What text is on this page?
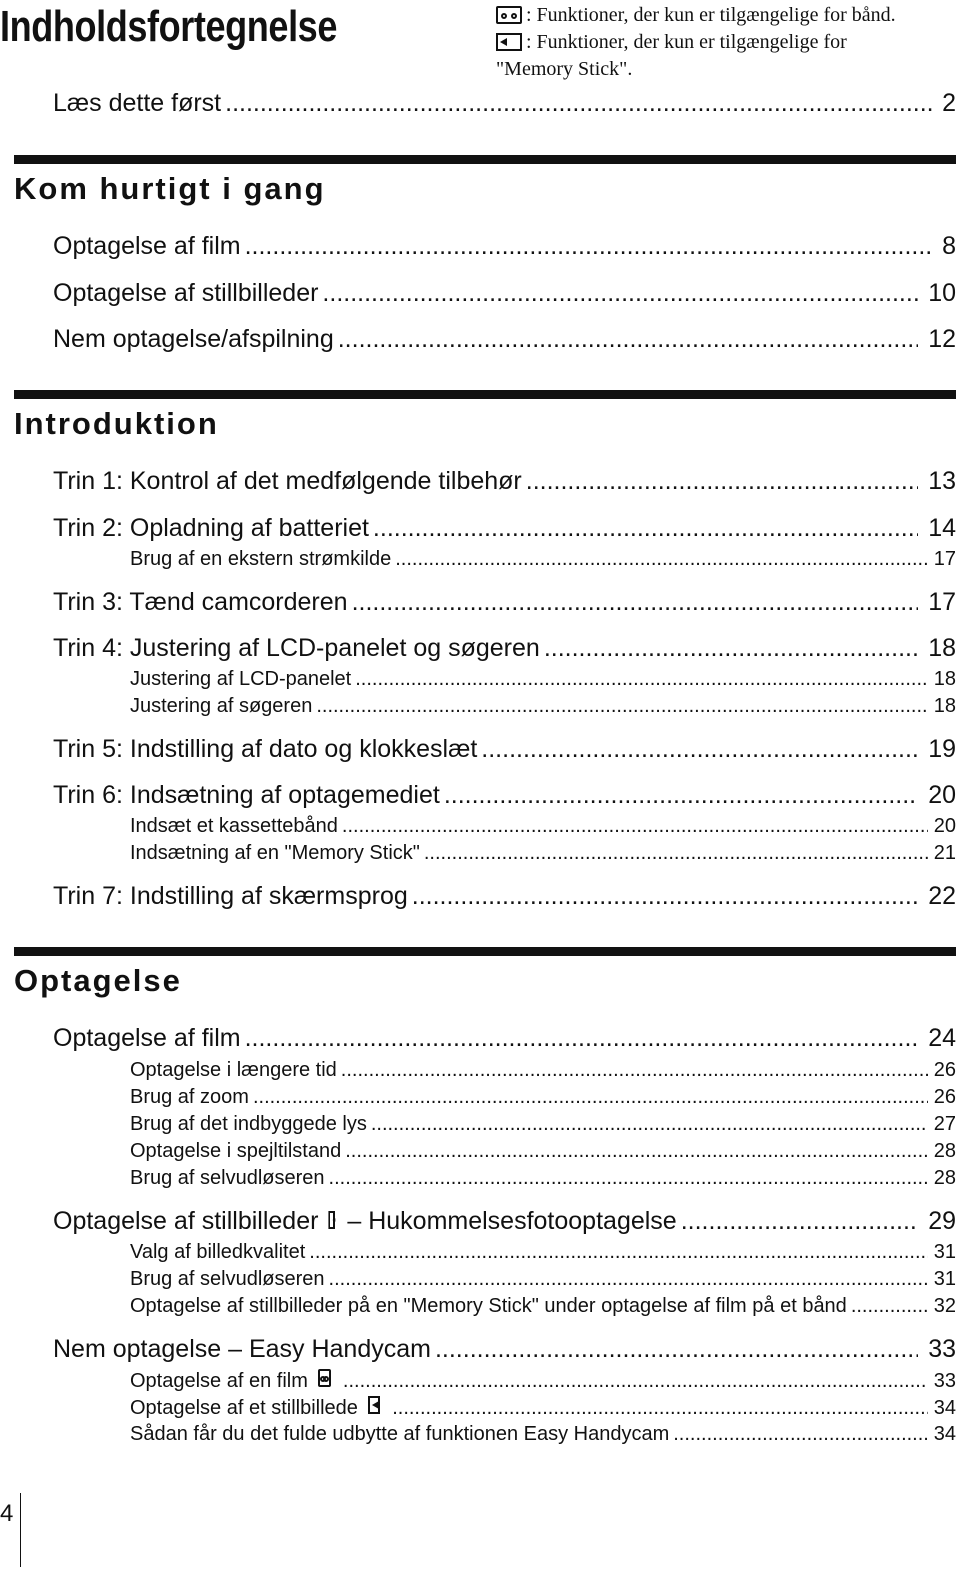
Indholdsfortegnelse	: Funktioner, der kun er tilgængelige for bånd.
: Funktioner, der kun er tilgængelige for
"Memory Stick".
Læs dette først .....	2
Kom hurtigt i gang
Optagelse af film .....	8
Optagelse af stillbilleder .....	10
Nem optagelse/afspilning .....	12
Introduktion
Trin 1: Kontrol af det medfølgende tilbehør .....	13
Trin 2: Opladning af batteriet .....	14
Brug af en ekstern strømkilde .....	17
Trin 3: Tænd camcorderen .....	17
Trin 4: Justering af LCD-panelet og søgeren .....	18
Justering af LCD-panelet .....	18
Justering af søgeren .....	18
Trin 5: Indstilling af dato og klokkeslæt .....	19
Trin 6: Indsætning af optagemediet .....	20
Indsæt et kassettebånd .....	20
Indsætning af en "Memory Stick" .....	21
Trin 7: Indstilling af skærmsprog .....	22
Optagelse
Optagelse af film .....	24
Optagelse i længere tid .....	26
Brug af zoom .....	26
Brug af det indbyggede lys .....	27
Optagelse i spejltilstand .....	28
Brug af selvudløseren .....	28
Optagelse af stillbilleder – Hukommelsesfotooptagelse .....	29
Valg af billedkvalitet .....	31
Brug af selvudløseren .....	31
Optagelse af stillbilleder på en "Memory Stick" under optagelse af film på et bånd .....	32
Nem optagelse – Easy Handycam .....	33
Optagelse af en film .....	33
Optagelse af et stillbillede .....	34
Sådan får du det fulde udbytte af funktionen Easy Handycam .....	34
4
